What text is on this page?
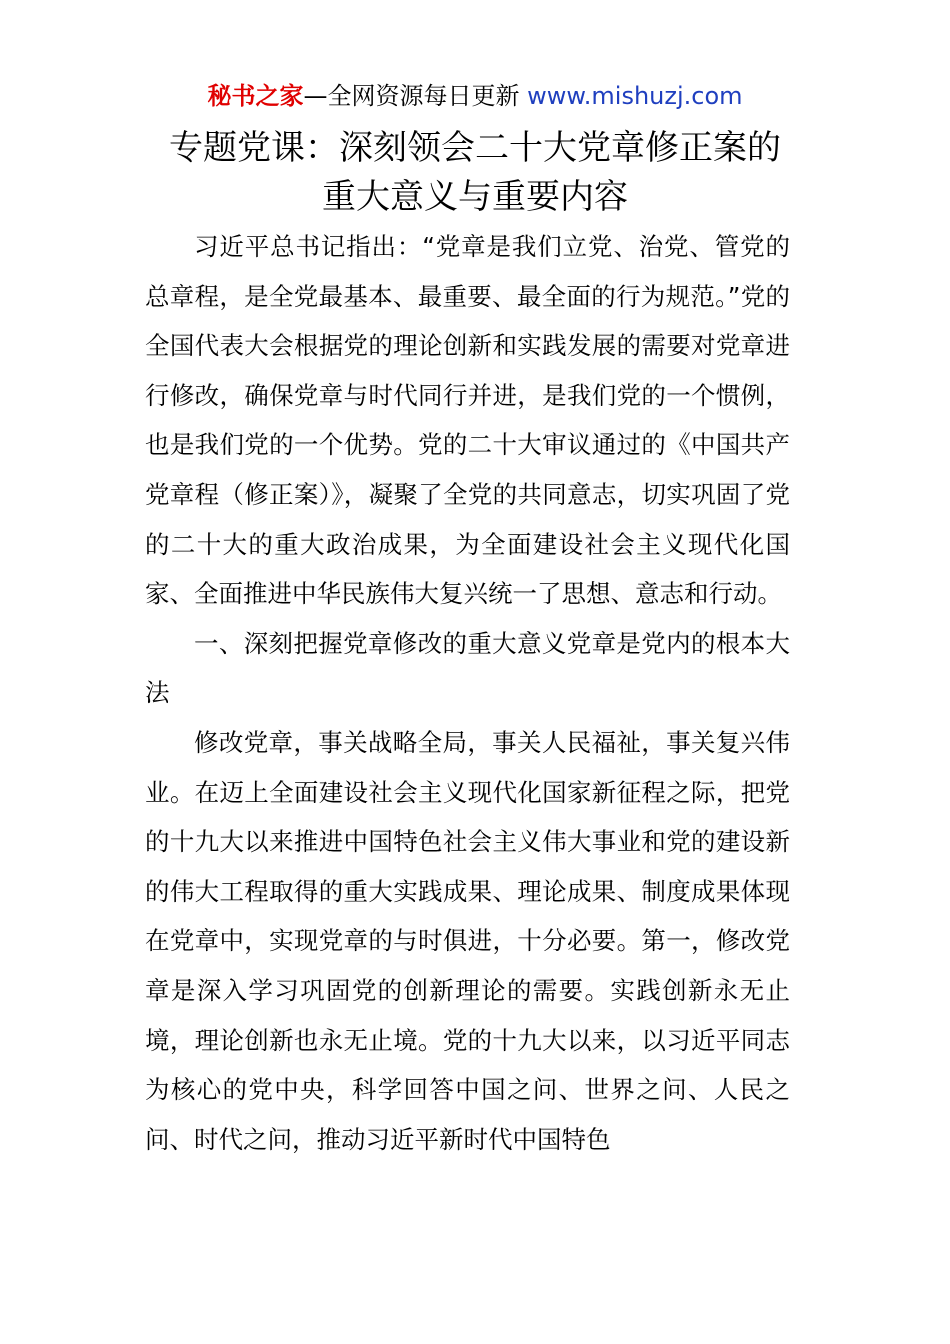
秘书之家—全网资源每日更新 www.mishuzj.com
专题党课：深刻领会二十大党章修正案的
重大意义与重要内容

习近平总书记指出：“党章是我们立党、治党、管党的总章程，是全党最基本、最重要、最全面的行为规范。”党的全国代表大会根据党的理论创新和实践发展的需要对党章进行修改，确保党章与时代同行并进，是我们党的一个惯例，也是我们党的一个优势。党的二十大审议通过的《中国共产党章程（修正案）》，凝聚了全党的共同意志，切实巩固了党的二十大的重大政治成果，为全面建设社会主义现代化国家、全面推进中华民族伟大复兴统一了思想、意志和行动。

一、深刻把握党章修改的重大意义党章是党内的根本大法

修改党章，事关战略全局，事关人民福祉，事关复兴伟业。在迈上全面建设社会主义现代化国家新征程之际，把党的十九大以来推进中国特色社会主义伟大事业和党的建设新的伟大工程取得的重大实践成果、理论成果、制度成果体现在党章中，实现党章的与时俱进，十分必要。第一，修改党章是深入学习巩固党的创新理论的需要。实践创新永无止境，理论创新也永无止境。党的十九大以来，以习近平同志为核心的党中央，科学回答中国之问、世界之问、人民之问、时代之问，推动习近平新时代中国特色
